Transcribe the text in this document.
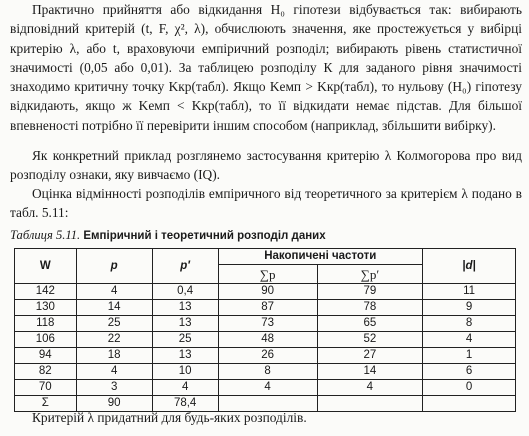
Практично прийняття або відкидання H₀ гіпотези відбувається так: вибирають відповідний критерій (t, F, χ², λ), обчислюють значення, яке простежується у вибірці критерію λ, або t, враховуючи емпіричний розподіл; вибирають рівень статистичної значимості (0,05 або 0,01). За таблицею розподілу К для заданого рівня значимості знаходимо критичну точку Kкр(табл). Якщо Kемп > Kкр(табл), то нульову (H₀) гіпотезу відкидають, якщо ж Kемп < Kкр(табл), то її відкидати немає підстав. Для більшої впевненості потрібно її перевірити іншим способом (наприклад, збільшити вибірку).

Як конкретний приклад розглянемо застосування критерію λ Колмогорова про вид розподілу ознаки, яку вивчаємо (IQ).

Оцінка відмінності розподілів емпіричного від теоретичного за критерієм λ подано в табл. 5.11:

Таблиця 5.11. Емпіричний і теоретичний розподіл даних

W	p	p′	Накопичені частоти		|d|
			∑p	∑p′	
142	4	0,4	90	79	11
130	14	13	87	78	9
118	25	13	73	65	8
106	22	25	48	52	4
94	18	13	26	27	1
82	4	10	8	14	6
70	3	4	4	4	0
Σ	90	78,4			

Критерій λ придатний для будь-яких розподілів.
